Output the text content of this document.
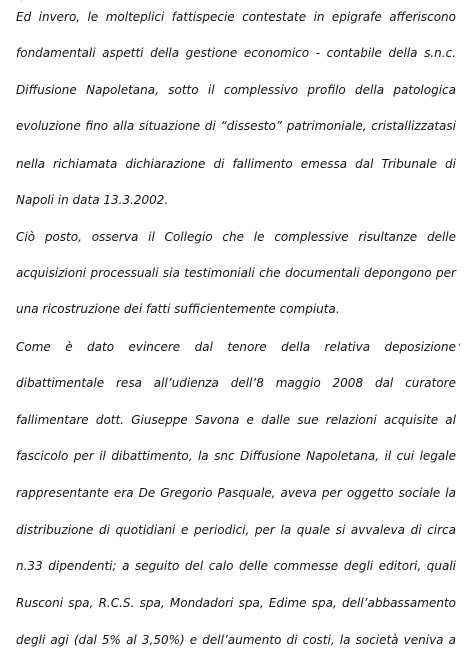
`
'
Ed invero, le molteplici fattispecie contestate in epigrafe afferiscono
fondamentali aspetti della gestione economico - contabile della s.n.c.
Diffusione Napoletana, sotto il complessivo profilo della patologica
evoluzione fino alla situazione di “dissesto” patrimoniale, cristallizzatasi
nella richiamata dichiarazione di fallimento emessa dal Tribunale di
Napoli in data 13.3.2002.
Ciò posto, osserva il Collegio che le complessive risultanze delle
acquisizioni processuali sia testimoniali che documentali depongono per
una ricostruzione dei fatti sufficientemente compiuta.
Come è dato evincere dal tenore della relativa deposizione
dibattimentale resa all’udienza dell’8 maggio 2008 dal curatore
fallimentare dott. Giuseppe Savona e dalle sue relazioni acquisite al
fascicolo per il dibattimento, la snc Diffusione Napoletana, il cui legale
rappresentante era De Gregorio Pasquale, aveva per oggetto sociale la
distribuzione di quotidiani e periodici, per la quale si avvaleva di circa
n.33 dipendenti; a seguito del calo delle commesse degli editori, quali
Rusconi spa, R.C.S. spa, Mondadori spa, Edime spa, dell’abbassamento
degli agi (dal 5% al 3,50%) e dell’aumento di costi, la società veniva a
